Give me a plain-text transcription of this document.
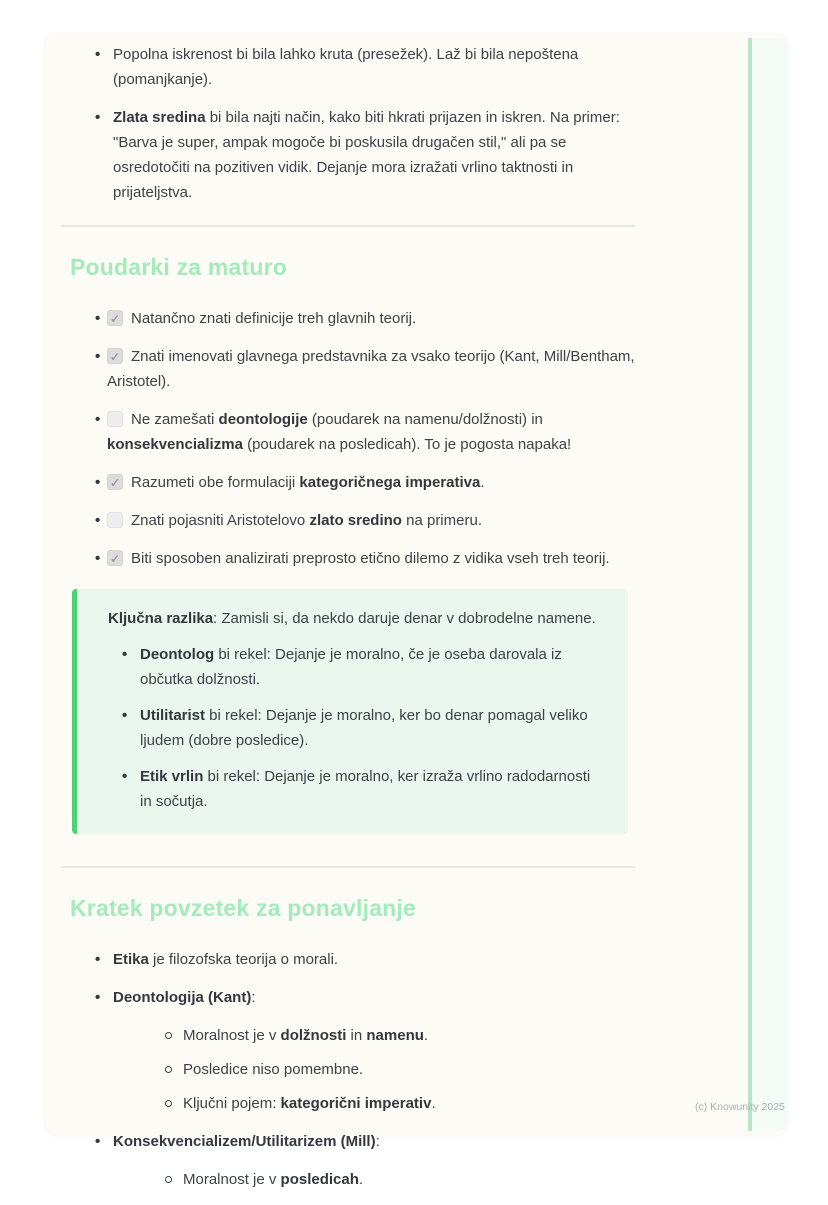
• Popolna iskrenost bi bila lahko kruta (presežek). Laž bi bila nepoštena (pomanjkanje).
• Zlata sredina bi bila najti način, kako biti hkrati prijazen in iskren. Na primer: "Barva je super, ampak mogoče bi poskusila drugačen stil," ali pa se osredotočiti na pozitiven vidik. Dejanje mora izražati vrlino taktnosti in prijateljstva.
Poudarki za maturo
✓• Natančno znati definicije treh glavnih teorij.
✓• Znati imenovati glavnega predstavnika za vsako teorijo (Kant, Mill/Bentham, Aristotel).
• Ne zamešati deontologije (poudarek na namenu/dolžnosti) in konsekvencializma (poudarek na posledicah). To je pogosta napaka!
✓• Razumeti obe formulaciji kategoričnega imperativa.
• Znati pojasniti Aristotelovo zlato sredino na primeru.
✓• Biti sposoben analizirati preprosto etično dilemo z vidika vseh treh teorij.

Ključna razlika: Zamisli si, da nekdo daruje denar v dobrodelne namene.

• Deontolog bi rekel: Dejanje je moralno, če je oseba darovala iz občutka dolžnosti.
• Utilitarist bi rekel: Dejanje je moralno, ker bo denar pomagal veliko ljudem (dobre posledice).
• Etik vrlin bi rekel: Dejanje je moralno, ker izraža vrlino radodarnosti in sočutja.
Kratek povzetek za ponavljanje
• Etika je filozofska teorija o morali.
• Deontologija (Kant):
Moralnost je v dolžnosti in namenu.
Posledice niso pomembne.
Ključni pojem: kategorični imperativ.
• Konsekvencializem/Utilitarizem (Mill):
Moralnost je v posledicah.
(c) Knowunity 2025
